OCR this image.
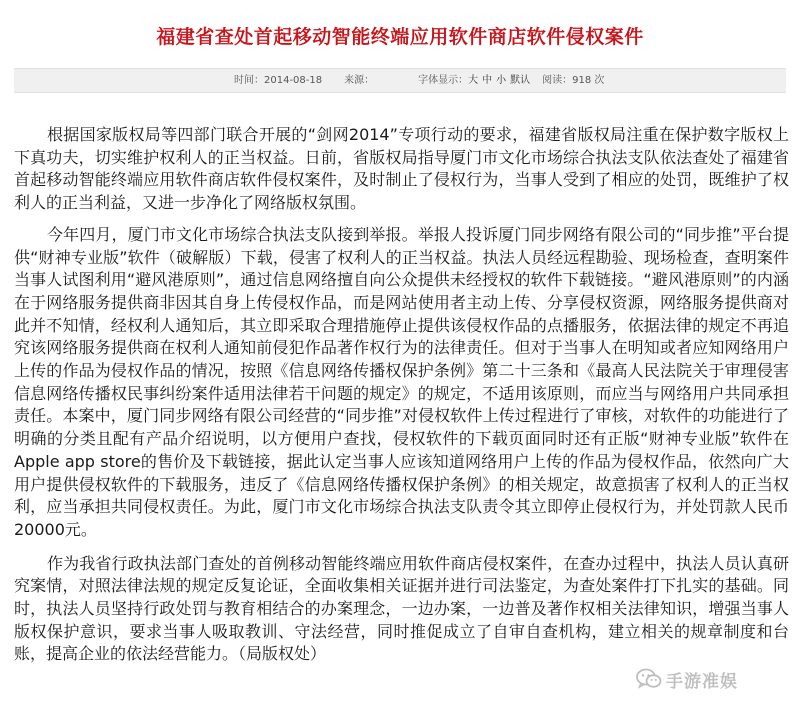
福建省查处首起移动智能终端应用软件商店软件侵权案件
时间：2014-08-18 来源：	字体显示：大 中 小 默认 阅读：918 次

根据国家版权局等四部门联合开展的“剑网2014”专项行动的要求，福建省版权局注重在保护数字版权上下真功夫，切实维护权利人的正当权益。日前，省版权局指导厦门市文化市场综合执法支队依法查处了福建省首起移动智能终端应用软件商店软件侵权案件，及时制止了侵权行为，当事人受到了相应的处罚，既维护了权利人的正当利益，又进一步净化了网络版权氛围。

今年四月，厦门市文化市场综合执法支队接到举报。举报人投诉厦门同步网络有限公司的“同步推”平台提供“财神专业版”软件（破解版）下载，侵害了权利人的正当权益。执法人员经远程勘验、现场检查，查明案件当事人试图利用“避风港原则”，通过信息网络擅自向公众提供未经授权的软件下载链接。“避风港原则”的内涵在于网络服务提供商非因其自身上传侵权作品，而是网站使用者主动上传、分享侵权资源，网络服务提供商对此并不知情，经权利人通知后，其立即采取合理措施停止提供该侵权作品的点播服务，依据法律的规定不再追究该网络服务提供商在权利人通知前侵犯作品著作权行为的法律责任。但对于当事人在明知或者应知网络用户上传的作品为侵权作品的情况，按照《信息网络传播权保护条例》第二十三条和《最高人民法院关于审理侵害信息网络传播权民事纠纷案件适用法律若干问题的规定》的规定，不适用该原则，而应当与网络用户共同承担责任。本案中，厦门同步网络有限公司经营的“同步推”对侵权软件上传过程进行了审核，对软件的功能进行了明确的分类且配有产品介绍说明，以方便用户查找，侵权软件的下载页面同时还有正版“财神专业版”软件在Apple app store的售价及下载链接，据此认定当事人应该知道网络用户上传的作品为侵权作品，依然向广大用户提供侵权软件的下载服务，违反了《信息网络传播权保护条例》的相关规定，故意损害了权利人的正当权利，应当承担共同侵权责任。为此，厦门市文化市场综合执法支队责令其立即停止侵权行为，并处罚款人民币20000元。

作为我省行政执法部门查处的首例移动智能终端应用软件商店侵权案件，在查办过程中，执法人员认真研究案情，对照法律法规的规定反复论证，全面收集相关证据并进行司法鉴定，为查处案件打下扎实的基础。同时，执法人员坚持行政处罚与教育相结合的办案理念，一边办案，一边普及著作权相关法律知识，增强当事人版权保护意识，要求当事人吸取教训、守法经营，同时推促成立了自审自查机构，建立相关的规章制度和台账，提高企业的依法经营能力。（局版权处）

手游准娱
